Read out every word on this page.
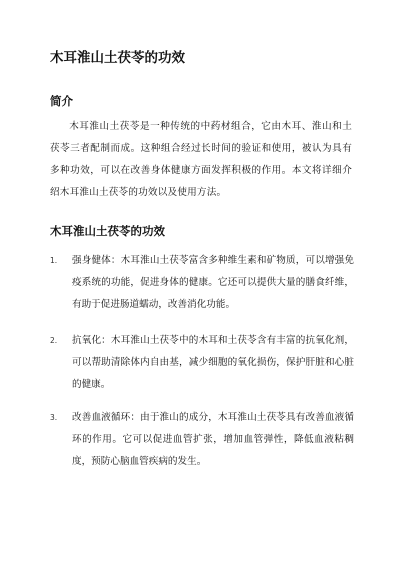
木耳淮山土茯苓的功效
简介

木耳淮山土茯苓是一种传统的中药材组合，它由木耳、淮山和土茯苓三者配制而成。这种组合经过长时间的验证和使用，被认为具有多种功效，可以在改善身体健康方面发挥积极的作用。本文将详细介绍木耳淮山土茯苓的功效以及使用方法。

木耳淮山土茯苓的功效
1.	强身健体：木耳淮山土茯苓富含多种维生素和矿物质，可以增强免疫系统的功能，促进身体的健康。它还可以提供大量的膳食纤维，有助于促进肠道蠕动，改善消化功能。
2.	抗氧化：木耳淮山土茯苓中的木耳和土茯苓含有丰富的抗氧化剂，可以帮助清除体内自由基，减少细胞的氧化损伤，保护肝脏和心脏的健康。
3.	改善血液循环：由于淮山的成分，木耳淮山土茯苓具有改善血液循环的作用。它可以促进血管扩张，增加血管弹性，降低血液粘稠度，预防心脑血管疾病的发生。
